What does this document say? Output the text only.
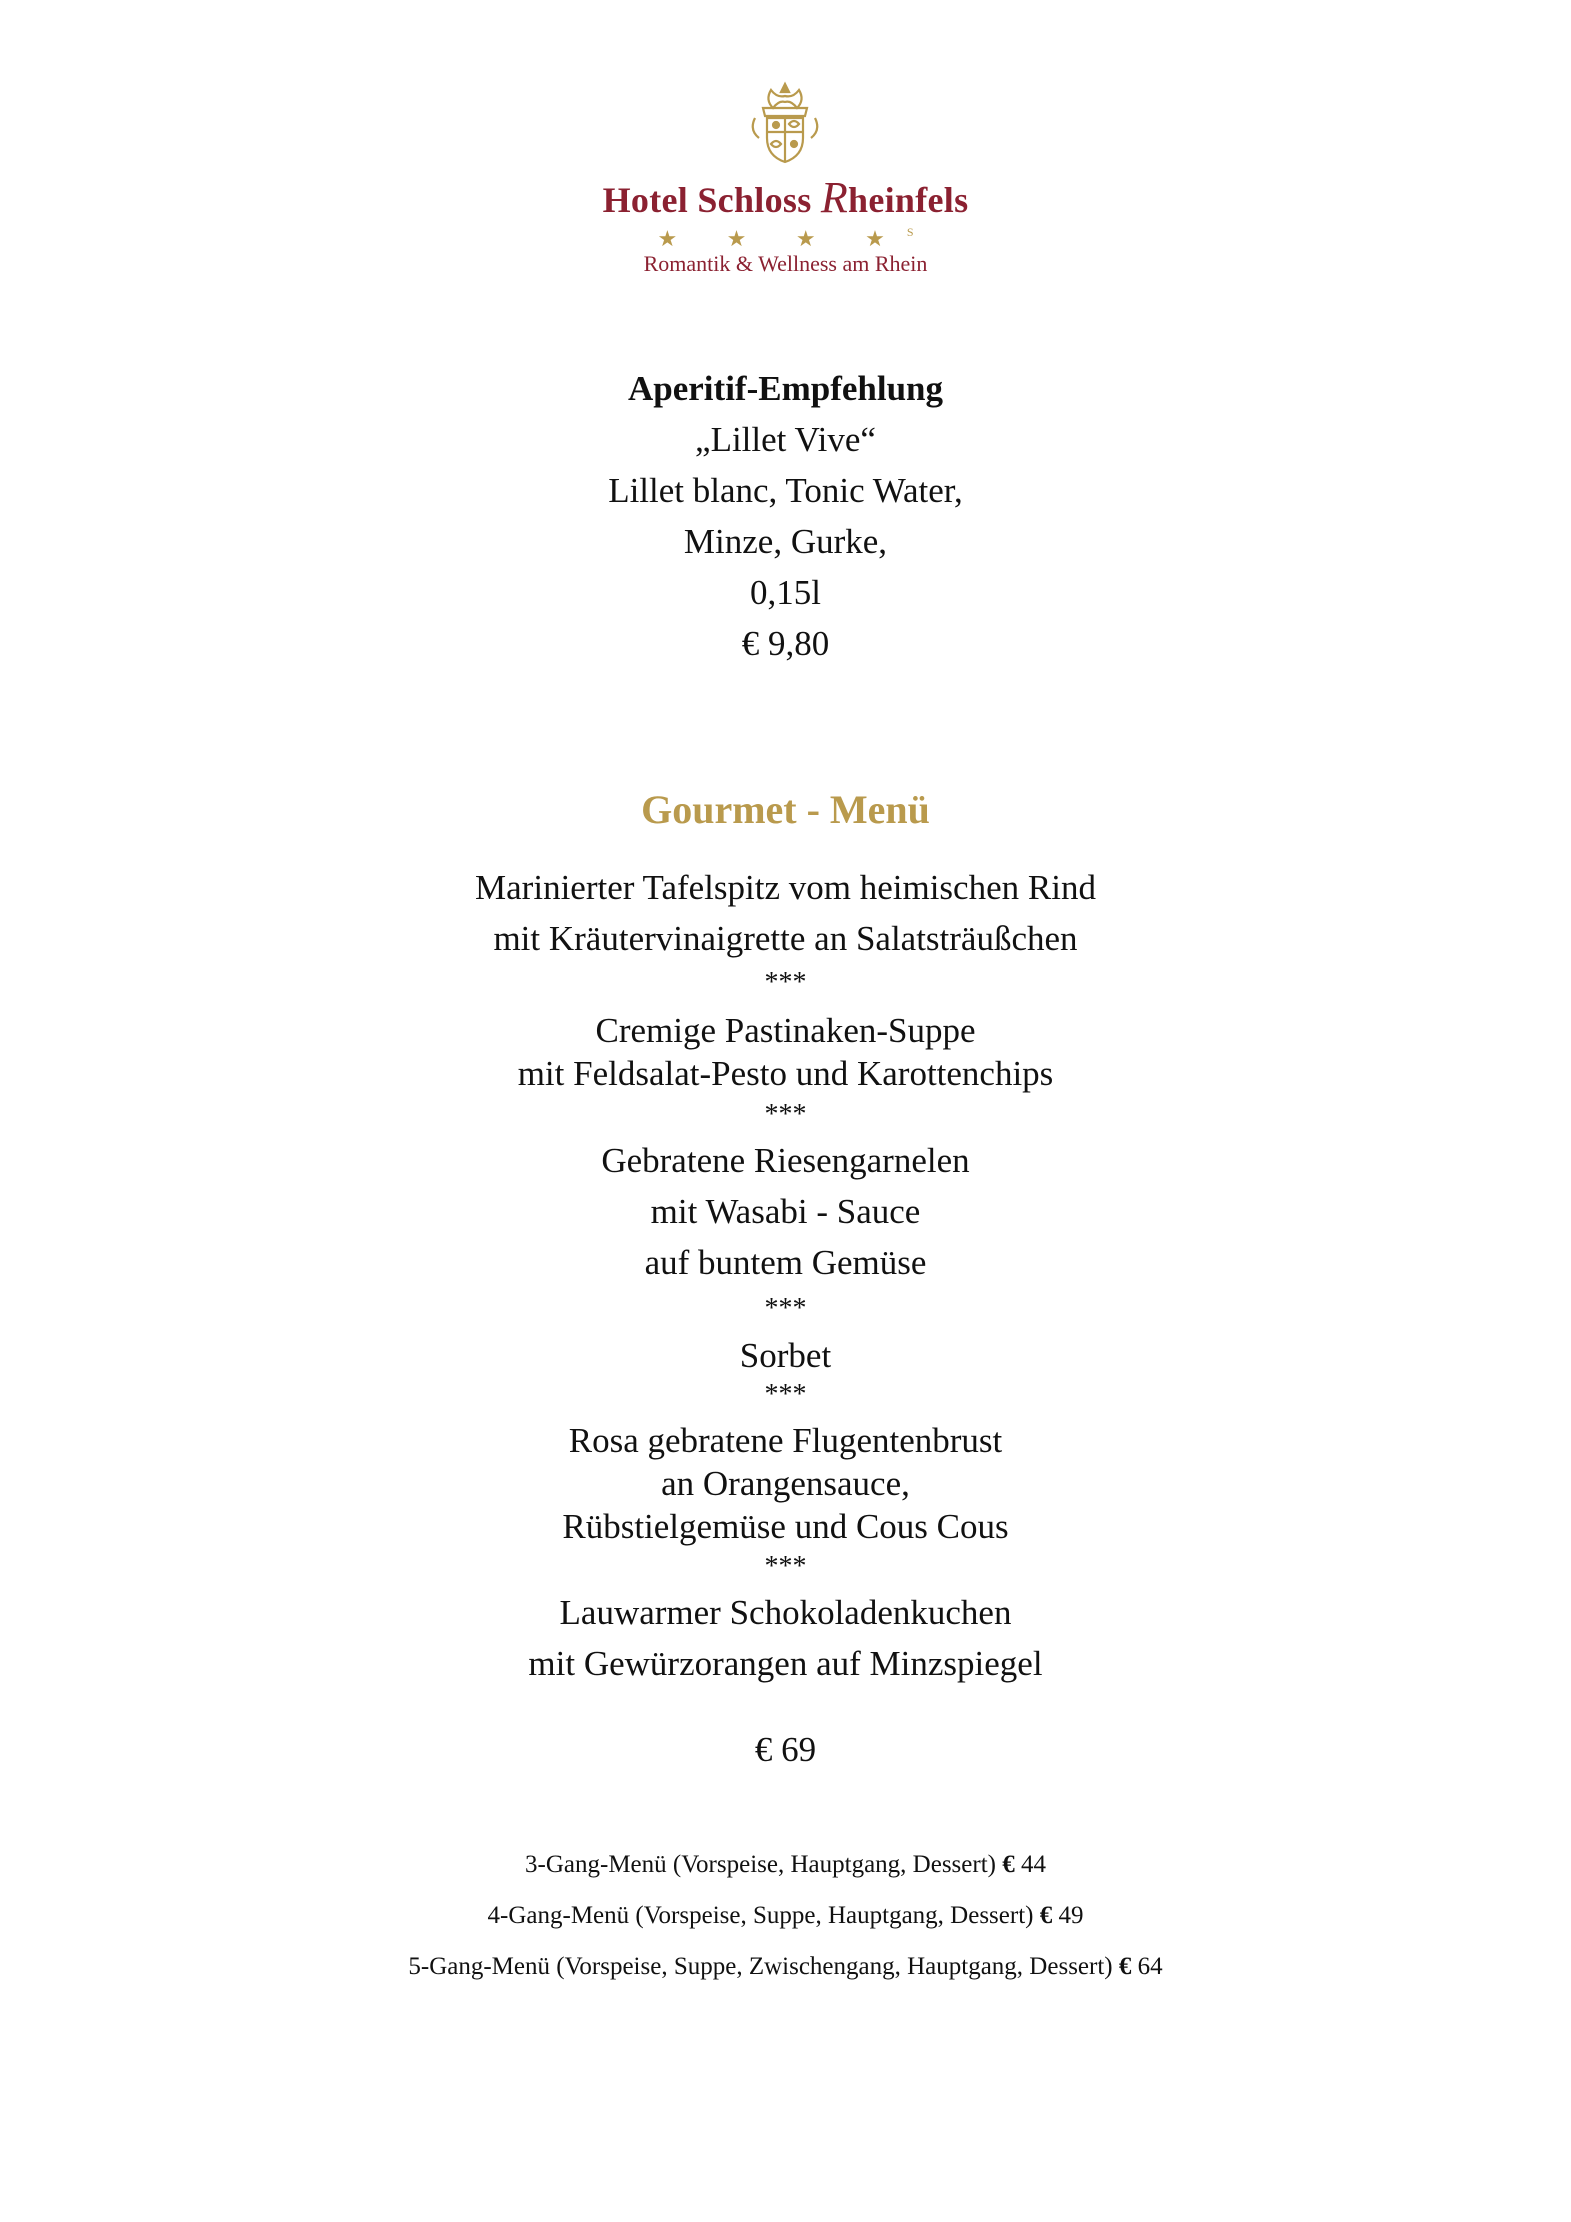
Hotel Schloss Rheinfels
★ ★ ★ ★$^S$
Romantik & Wellness am Rhein
Aperitif-Empfehlung
„Lillet Vive“
Lillet blanc, Tonic Water,
Minze, Gurke,
0,15l
€ 9,80
Gourmet - Menü
Marinierter Tafelspitz vom heimischen Rind
mit Kräutervinaigrette an Salatsträußchen
***
Cremige Pastinaken-Suppe
mit Feldsalat-Pesto und Karottenchips
***
Gebratene Riesengarnelen
mit Wasabi - Sauce
auf buntem Gemüse
***
Sorbet
***
Rosa gebratene Flugentenbrust
an Orangensauce,
Rübstielgemüse und Cous Cous
***
Lauwarmer Schokoladenkuchen
mit Gewürzorangen auf Minzspiegel
€ 69
3-Gang-Menü (Vorspeise, Hauptgang, Dessert) € 44
4-Gang-Menü (Vorspeise, Suppe, Hauptgang, Dessert) € 49
5-Gang-Menü (Vorspeise, Suppe, Zwischengang, Hauptgang, Dessert) € 64
